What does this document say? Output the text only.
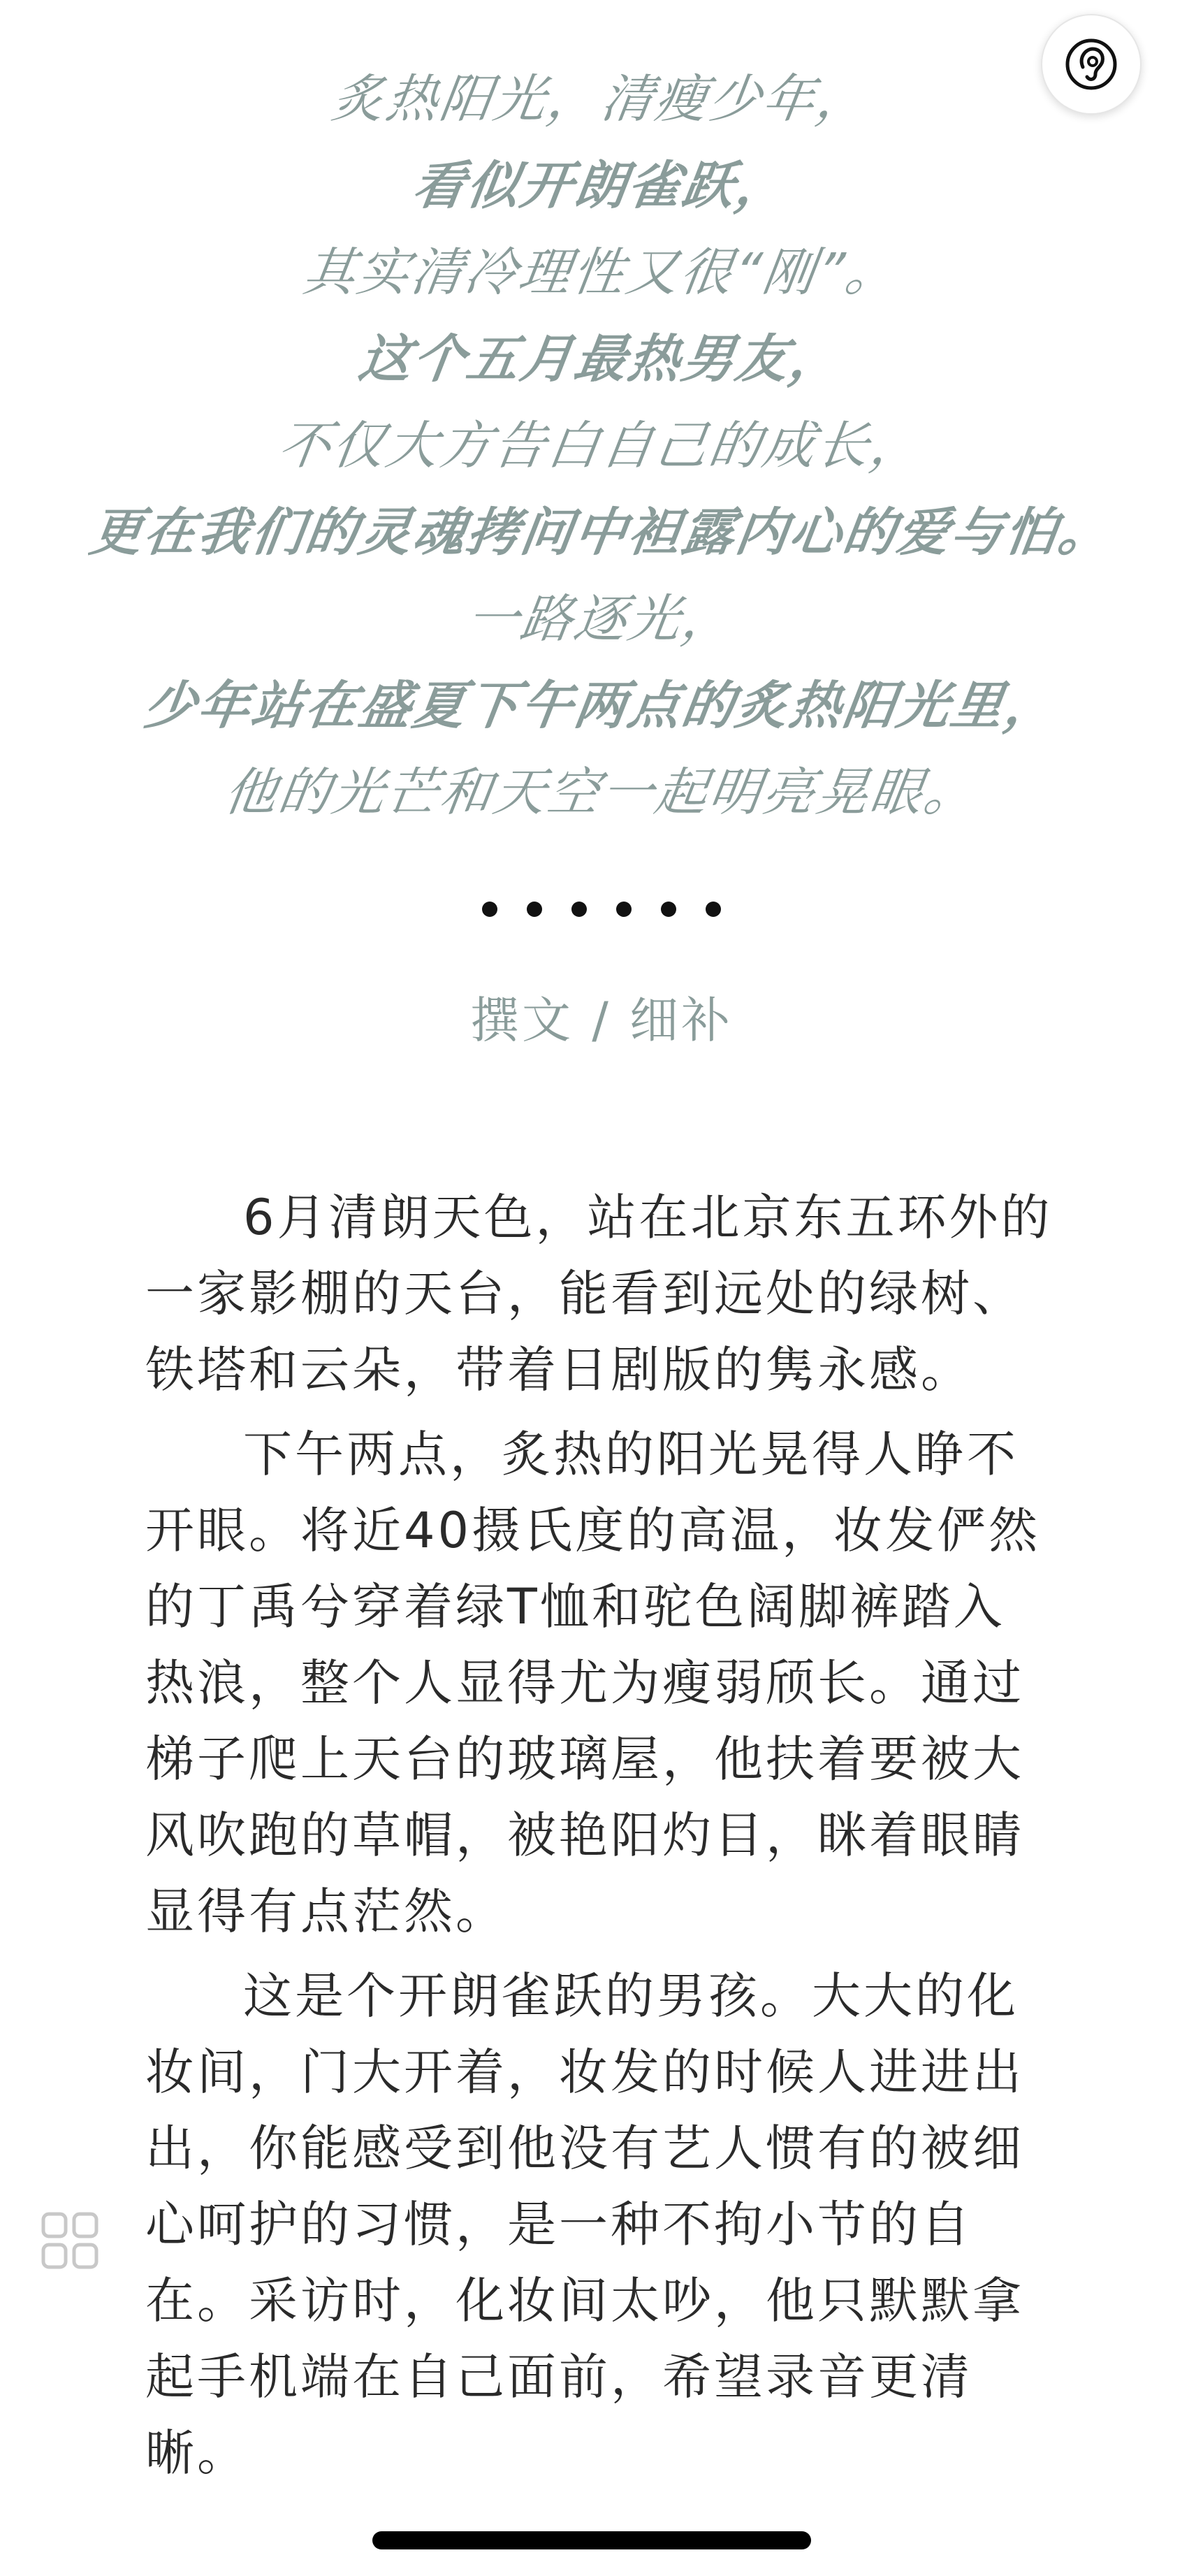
炙热阳光，清瘦少年，
看似开朗雀跃，
其实清冷理性又很“刚”。
这个五月最热男友，
不仅大方告白自己的成长，
更在我们的灵魂拷问中袒露内心的爱与怕。
一路逐光，
少年站在盛夏下午两点的炙热阳光里，
他的光芒和天空一起明亮晃眼。
撰文 / 细补

6月清朗天色，站在北京东五环外的一家影棚的天台，能看到远处的绿树、铁塔和云朵，带着日剧版的隽永感。

下午两点，炙热的阳光晃得人睁不开眼。将近40摄氏度的高温，妆发俨然的丁禹兮穿着绿T恤和驼色阔脚裤踏入热浪，整个人显得尤为瘦弱颀长。通过梯子爬上天台的玻璃屋，他扶着要被大风吹跑的草帽，被艳阳灼目，眯着眼睛显得有点茫然。

这是个开朗雀跃的男孩。大大的化妆间，门大开着，妆发的时候人进进出出，你能感受到他没有艺人惯有的被细心呵护的习惯，是一种不拘小节的自在。采访时，化妆间太吵，他只默默拿起手机端在自己面前，希望录音更清晰。
